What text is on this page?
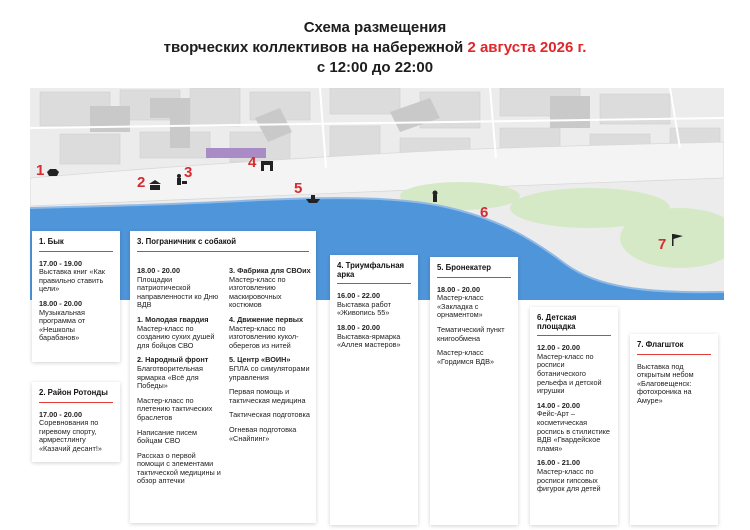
Схема размещения
творческих коллективов на набережной 2 августа 2026 г.
с 12:00 до 22:00
1
2
3
4
5
6
7
1. Бык
17.00 - 19.00
Выставка книг «Как правильно ставить цели»
18.00 - 20.00
Музыкальная программа от «Нешколы барабанов»
2. Район Ротонды
17.00 - 20.00
Соревнования по гиревому спорту, армрестлингу «Казачий десант!»
3. Пограничник с собакой
18.00 - 20.00
Площадки патриотической направленности ко Дню ВДВ
1. Молодая гвардия
Мастер-класс по созданию сухих душей для бойцов СВО
2. Народный фронт
Благотворительная ярмарка «Всё для Победы»
Мастер-класс по плетению тактических браслетов
Написание писем бойцам СВО
Рассказ о первой помощи с элементами тактической медицины и обзор аптечки
3. Фабрика для СВОих
Мастер-класс по изготовлению маскировочных костюмов
4. Движение первых
Мастер-класс по изготовлению кукол-оберегов из нитей
5. Центр «ВОИН»
БПЛА со симуляторами управления
Первая помощь и тактическая медицина
Тактическая подготовка
Огневая подготовка «Снайпинг»
4. Триумфальная арка
16.00 - 22.00
Выставка работ «Живопись 55»
18.00 - 20.00
Выставка-ярмарка «Аллея мастеров»
5. Бронекатер
18.00 - 20.00
Мастер-класс «Закладка с орнаментом»
Тематический пункт книгообмена
Мастер-класс «Гордимся ВДВ»
6. Детская площадка
12.00 - 20.00
Мастер-класс по росписи ботанического рельефа и детской игрушки
14.00 - 20.00
Фейс-Арт – косметическая роспись в стилистике ВДВ «Гвардейское пламя»
16.00 - 21.00
Мастер-класс по росписи гипсовых фигурок для детей
7. Флагшток
Выставка под открытым небом «Благовещенск: фотохроника на Амуре»
